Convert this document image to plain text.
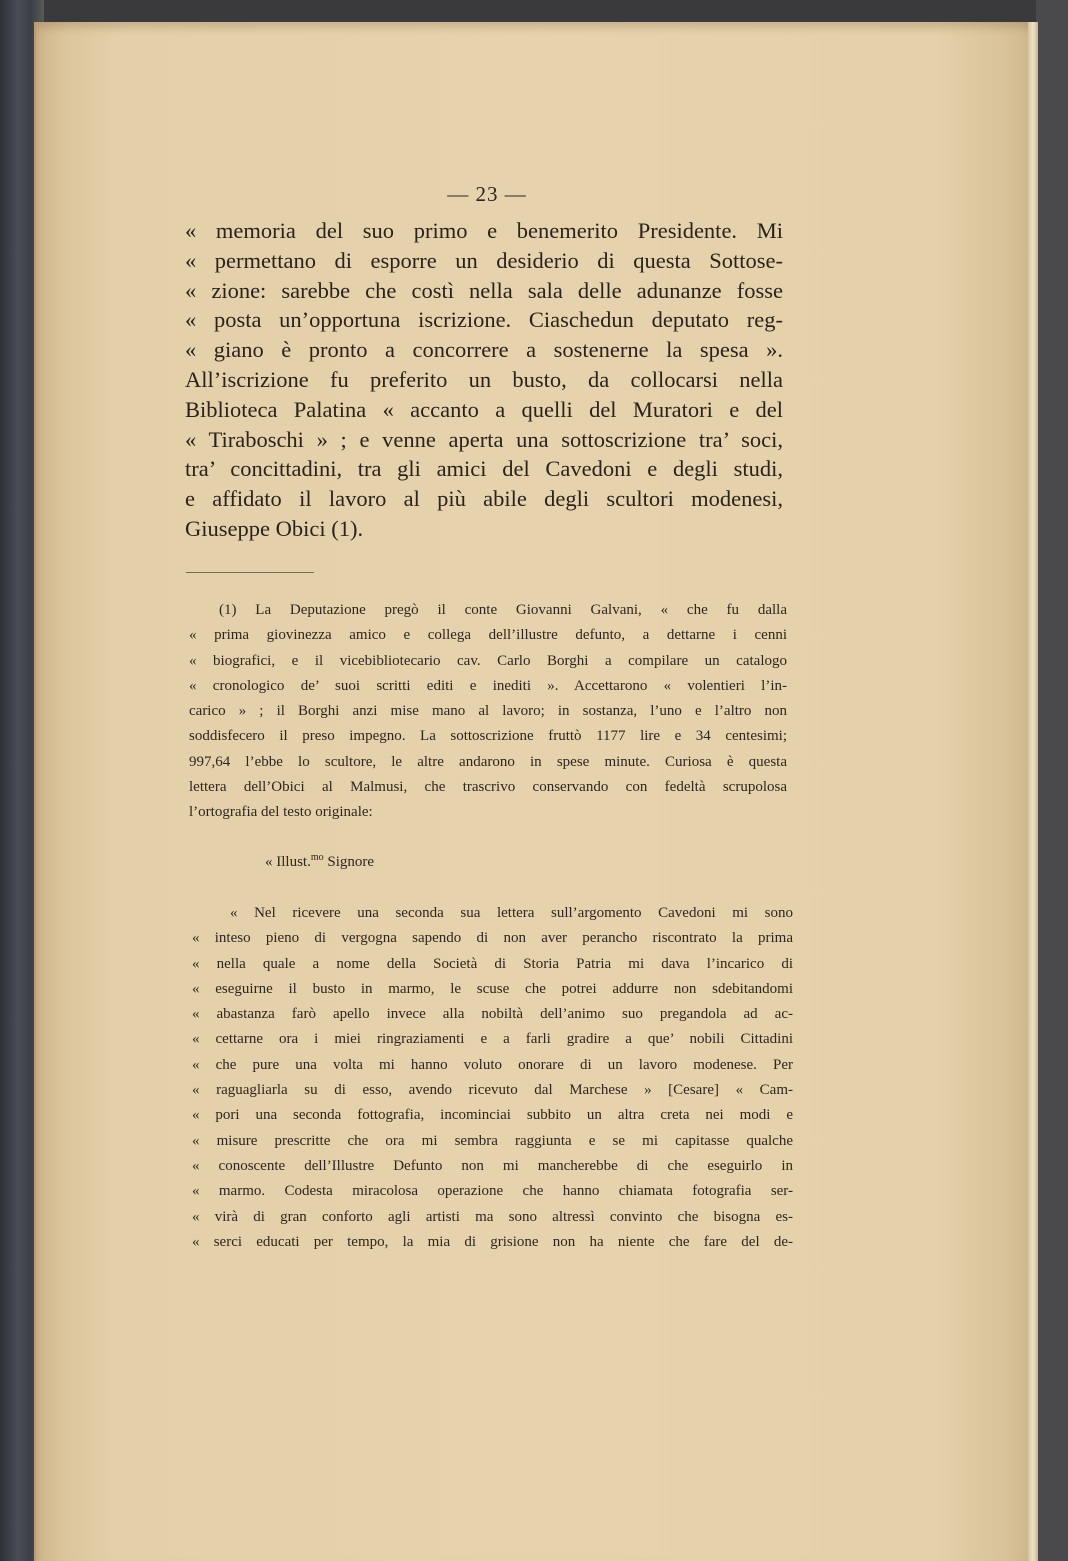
— 23 —

« memoria del suo primo e benemerito Presidente. Mi

« permettano di esporre un desiderio di questa Sottose-

« zione: sarebbe che costì nella sala delle adunanze fosse

« posta un’opportuna iscrizione. Ciaschedun deputato reg-

« giano è pronto a concorrere a sostenerne la spesa ».

All’iscrizione fu preferito un busto, da collocarsi nella

Biblioteca Palatina « accanto a quelli del Muratori e del

« Tiraboschi » ; e venne aperta una sottoscrizione tra’ soci,

tra’ concittadini, tra gli amici del Cavedoni e degli studi,

e affidato il lavoro al più abile degli scultori modenesi,

Giuseppe Obici (1).

(1) La Deputazione pregò il conte Giovanni Galvani, « che fu dalla

« prima giovinezza amico e collega dell’illustre defunto, a dettarne i cenni

« biografici, e il vicebibliotecario cav. Carlo Borghi a compilare un catalogo

« cronologico de’ suoi scritti editi e inediti ». Accettarono « volentieri l’in-

carico » ; il Borghi anzi mise mano al lavoro; in sostanza, l’uno e l’altro non

soddisfecero il preso impegno. La sottoscrizione fruttò 1177 lire e 34 centesimi;

997,64 l’ebbe lo scultore, le altre andarono in spese minute. Curiosa è questa

lettera dell’Obici al Malmusi, che trascrivo conservando con fedeltà scrupolosa

l’ortografia del testo originale:

« Illust.$^{mo}$ Signore

« Nel ricevere una seconda sua lettera sull’argomento Cavedoni mi sono

« inteso pieno di vergogna sapendo di non aver perancho riscontrato la prima

« nella quale a nome della Società di Storia Patria mi dava l’incarico di

« eseguirne il busto in marmo, le scuse che potrei addurre non sdebitandomi

« abastanza farò apello invece alla nobiltà dell’animo suo pregandola ad ac-

« cettarne ora i miei ringraziamenti e a farli gradire a que’ nobili Cittadini

« che pure una volta mi hanno voluto onorare di un lavoro modenese. Per

« raguagliarla su di esso, avendo ricevuto dal Marchese » [Cesare] « Cam-

« pori una seconda fottografia, incominciai subbito un altra creta nei modi e

« misure prescritte che ora mi sembra raggiunta e se mi capitasse qualche

« conoscente dell’Illustre Defunto non mi mancherebbe di che eseguirlo in

« marmo. Codesta miracolosa operazione che hanno chiamata fotografia ser-

« virà di gran conforto agli artisti ma sono altressì convinto che bisogna es-

« serci educati per tempo, la mia di grisione non ha niente che fare del de-
